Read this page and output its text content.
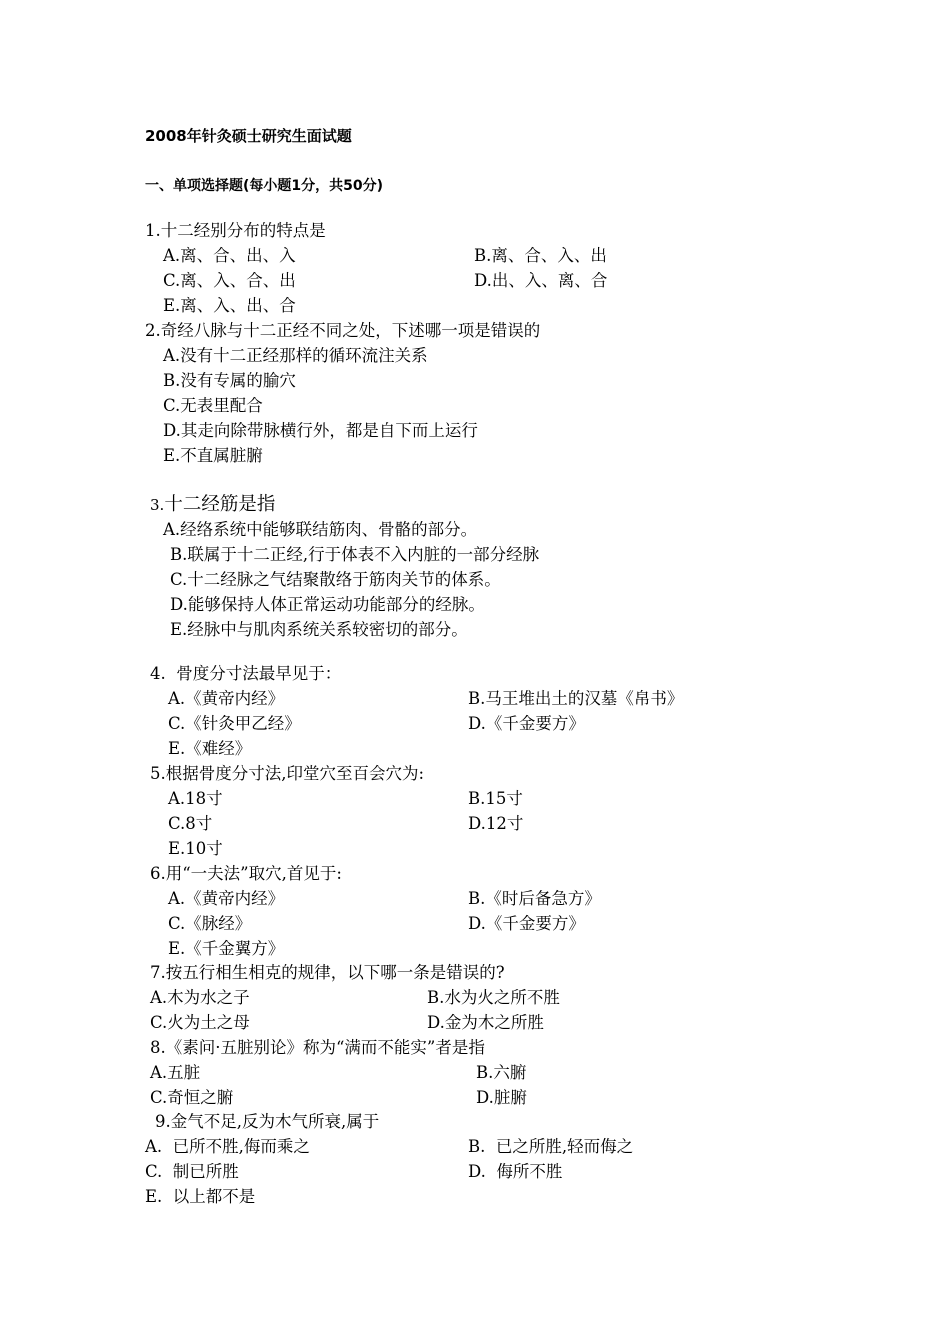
2008年针灸硕士研究生面试题
一、单项选择题(每小题1分，共50分)
1.十二经别分布的特点是
A.离、合、出、入	B.离、合、入、出
C.离、入、合、出	D.出、入、离、合
E.离、入、出、合
2.奇经八脉与十二正经不同之处，下述哪一项是错误的
A.没有十二正经那样的循环流注关系
B.没有专属的腧穴
C.无表里配合
D.其走向除带脉横行外，都是自下而上运行
E.不直属脏腑
3.十二经筋是指
A.经络系统中能够联结筋肉、骨骼的部分。
B.联属于十二正经,行于体表不入内脏的一部分经脉
C.十二经脉之气结聚散络于筋肉关节的体系。
D.能够保持人体正常运动功能部分的经脉。
E.经脉中与肌肉系统关系较密切的部分。
4.  骨度分寸法最早见于：
A.《黄帝内经》	B.马王堆出土的汉墓《帛书》
C.《针灸甲乙经》	D.《千金要方》
E.《难经》
5.根据骨度分寸法,印堂穴至百会穴为:
A.18寸	B.15寸
C.8寸	D.12寸
E.10寸
6.用“一夫法”取穴,首见于:
A.《黄帝内经》	B.《时后备急方》
C.《脉经》	D.《千金要方》
E.《千金翼方》
7.按五行相生相克的规律，以下哪一条是错误的?
A.木为水之子	B.水为火之所不胜
C.火为土之母	D.金为木之所胜
8.《素问·五脏别论》称为“满而不能实”者是指
A.五脏	B.六腑
C.奇恒之腑	D.脏腑
9.金气不足,反为木气所衰,属于
A.  已所不胜,侮而乘之	B.  已之所胜,轻而侮之
C.  制已所胜	D.  侮所不胜
E.  以上都不是
